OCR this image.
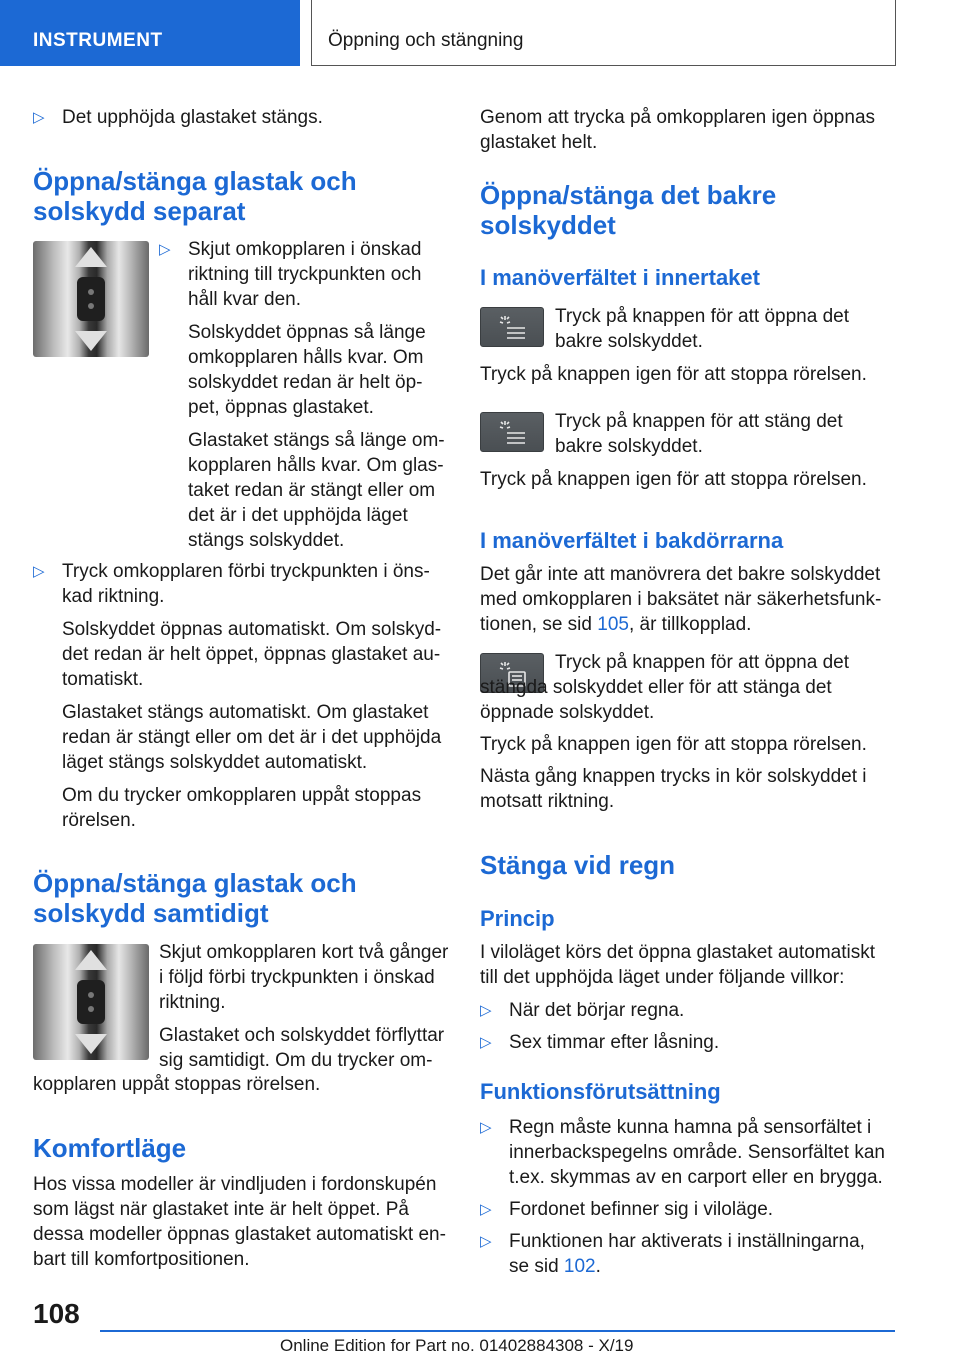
INSTRUMENT	Öppning och stängning

▷ Det upphöjda glastaket stängs.

Öppna/stänga glastak och solskydd separat

▷ Skjut omkopplaren i önskad riktning till tryckpunkten och håll kvar den.

Solskyddet öppnas så länge omkopplaren hålls kvar. Om solskyddet redan är helt öp- pet, öppnas glastaket.

Glastaket stängs så länge om- kopplaren hålls kvar. Om glas- taket redan är stängt eller om det är i det upphöjda läget stängs solskyddet.

▷ Tryck omkopplaren förbi tryckpunkten i öns- kad riktning.

Solskyddet öppnas automatiskt. Om solskyd- det redan är helt öppet, öppnas glastaket au- tomatiskt.

Glastaket stängs automatiskt. Om glastaket redan är stängt eller om det är i det upphöjda läget stängs solskyddet automatiskt.

Om du trycker omkopplaren uppåt stoppas rörelsen.

Öppna/stänga glastak och solskydd samtidigt

Skjut omkopplaren kort två gånger i följd förbi tryckpunkten i önskad riktning.

Glastaket och solskyddet förflyttar sig samtidigt. Om du trycker om-

kopplaren uppåt stoppas rörelsen.

Komfortläge

Hos vissa modeller är vindljuden i fordonskupén som lägst när glastaket inte är helt öppet. På dessa modeller öppnas glastaket automatiskt en- bart till komfortpositionen.

Genom att trycka på omkopplaren igen öppnas glastaket helt.

Öppna/stänga det bakre solskyddet
I manöverfältet i innertaket

Tryck på knappen för att öppna det bakre solskyddet.

Tryck på knappen igen för att stoppa rörelsen.

Tryck på knappen för att stäng det bakre solskyddet.

Tryck på knappen igen för att stoppa rörelsen.

I manöverfältet i bakdörrarna

Det går inte att manövrera det bakre solskyddet med omkopplaren i baksätet när säkerhetsfunk- tionen, se sid 105, är tillkopplad.

Tryck på knappen för att öppna det stängda solskyddet eller för att stänga det öppnade solskyddet.

Tryck på knappen igen för att stoppa rörelsen.

Nästa gång knappen trycks in kör solskyddet i motsatt riktning.

Stänga vid regn
Princip

I viloläget körs det öppna glastaket automatiskt till det upphöjda läget under följande villkor:

▷ När det börjar regna.

▷ Sex timmar efter låsning.

Funktionsförutsättning

▷ Regn måste kunna hamna på sensorfältet i innerbackspegelns område. Sensorfältet kan t.ex. skymmas av en carport eller en brygga.

▷ Fordonet befinner sig i viloläge.

▷ Funktionen har aktiverats i inställningarna, se sid 102.

108
Online Edition for Part no. 01402884308 - X/19
